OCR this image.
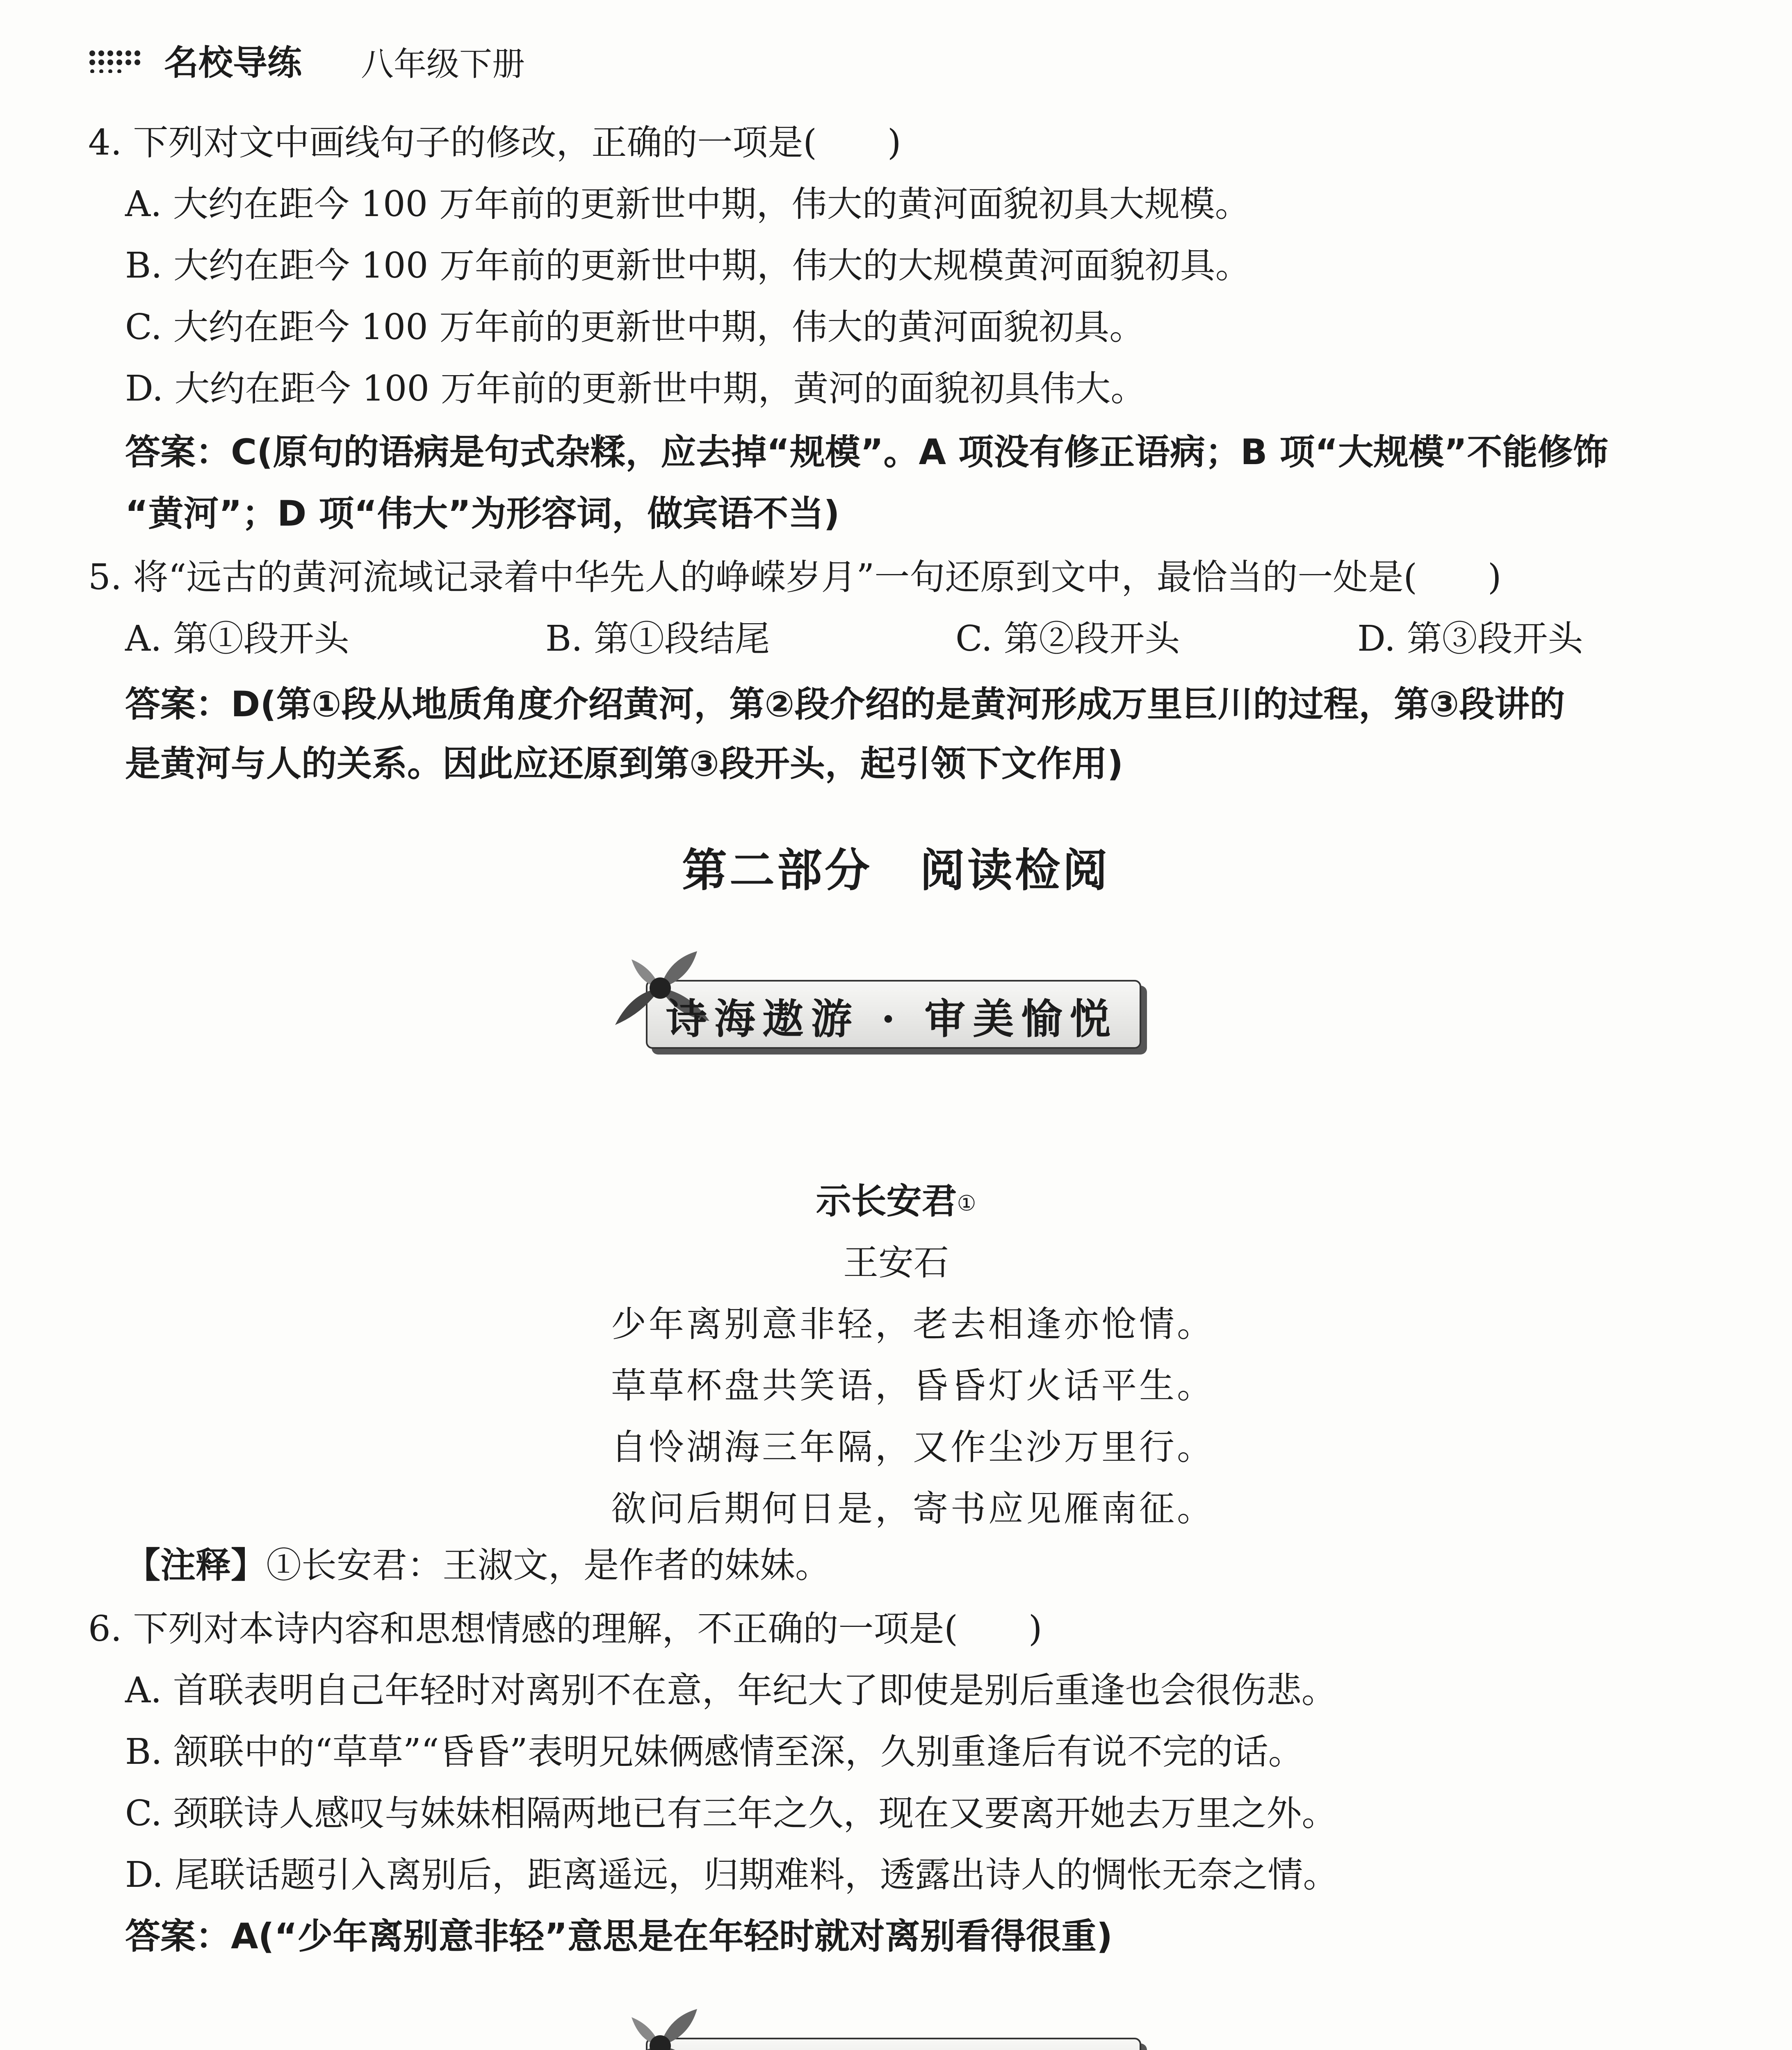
名校导练 八年级下册
4. 下列对文中画线句子的修改，正确的一项是(　　)
A. 大约在距今 100 万年前的更新世中期，伟大的黄河面貌初具大规模。
B. 大约在距今 100 万年前的更新世中期，伟大的大规模黄河面貌初具。
C. 大约在距今 100 万年前的更新世中期，伟大的黄河面貌初具。
D. 大约在距今 100 万年前的更新世中期，黄河的面貌初具伟大。
答案：C(原句的语病是句式杂糅，应去掉“规模”。A 项没有修正语病；B 项“大规模”不能修饰
“黄河”；D 项“伟大”为形容词，做宾语不当)
5. 将“远古的黄河流域记录着中华先人的峥嵘岁月”一句还原到文中，最恰当的一处是(　　)
A. 第①段开头	B. 第①段结尾	C. 第②段开头	D. 第③段开头
答案：D(第①段从地质角度介绍黄河，第②段介绍的是黄河形成万里巨川的过程，第③段讲的
是黄河与人的关系。因此应还原到第③段开头，起引领下文作用)
第二部分　阅读检阅
诗海遨游 · 审美愉悦
示长安君①
王安石
少年离别意非轻，老去相逢亦怆情。
草草杯盘共笑语，昏昏灯火话平生。
自怜湖海三年隔，又作尘沙万里行。
欲问后期何日是，寄书应见雁南征。
【注释】①长安君：王淑文，是作者的妹妹。
6. 下列对本诗内容和思想情感的理解，不正确的一项是(　　)
A. 首联表明自己年轻时对离别不在意，年纪大了即使是别后重逢也会很伤悲。
B. 颔联中的“草草”“昏昏”表明兄妹俩感情至深，久别重逢后有说不完的话。
C. 颈联诗人感叹与妹妹相隔两地已有三年之久，现在又要离开她去万里之外。
D. 尾联话题引入离别后，距离遥远，归期难料，透露出诗人的惆怅无奈之情。
答案：A(“少年离别意非轻”意思是在年轻时就对离别看得很重)
